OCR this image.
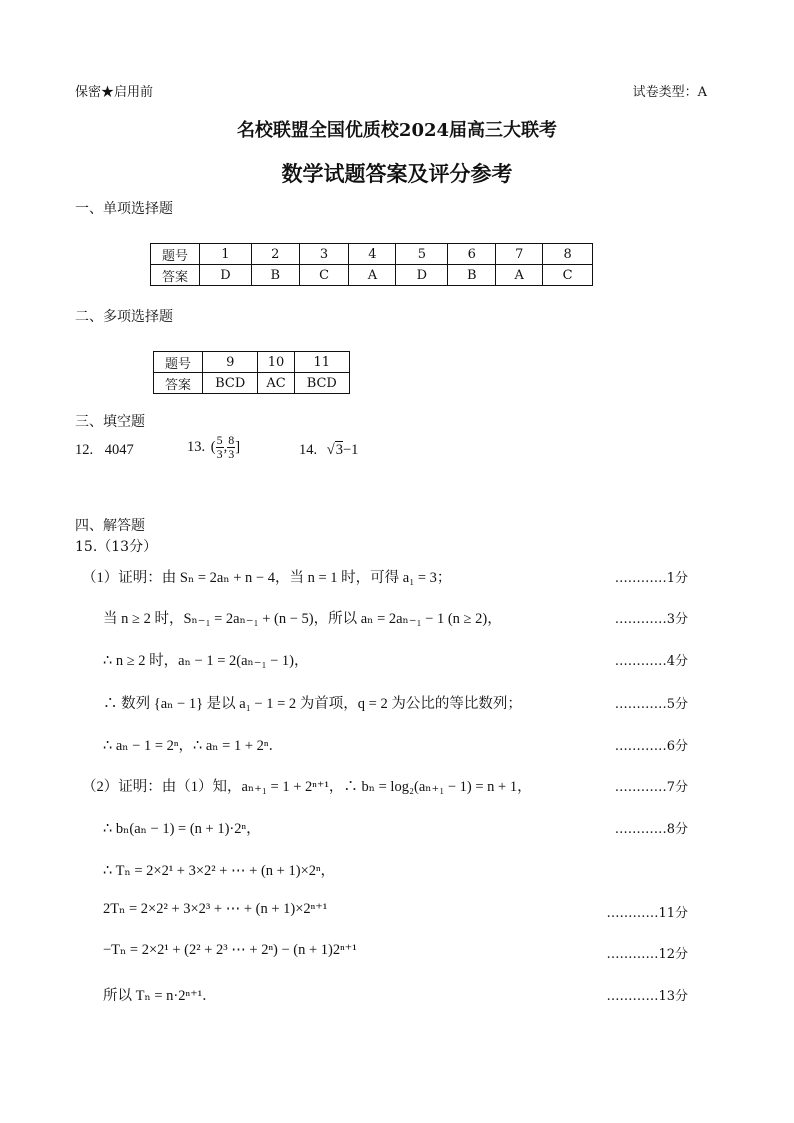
保密★启用前	试卷类型：A
名校联盟全国优质校2024届高三大联考
数学试题答案及评分参考
一、单项选择题
题号	1	2	3	4	5	6	7	8
答案	D	B	C	A	D	B	A	C
二、多项选择题
题号	9	10	11
答案	BCD	AC	BCD
三、填空题
12. 4047	13. ( $\frac{5}{3}$ , $\frac{8}{3}$ ]	14. √3−1
四、解答题
15.（13分）
（1）证明：由 Sₙ = 2aₙ + n − 4，当 n = 1 时，可得 a₁ = 3；	…………1分
当 n ≥ 2 时，Sₙ₋₁ = 2aₙ₋₁ + (n − 5)，所以 aₙ = 2aₙ₋₁ − 1 (n ≥ 2)，	…………3分
∴ n ≥ 2 时，aₙ − 1 = 2(aₙ₋₁ − 1)，	…………4分
∴ 数列 {aₙ − 1} 是以 a₁ − 1 = 2 为首项，q = 2 为公比的等比数列；	…………5分
∴ aₙ − 1 = 2ⁿ，∴ aₙ = 1 + 2ⁿ．	…………6分
（2）证明：由（1）知，aₙ₊₁ = 1 + 2ⁿ⁺¹，∴ bₙ = log₂(aₙ₊₁ − 1) = n + 1，	…………7分
∴ bₙ(aₙ − 1) = (n + 1)·2ⁿ，	…………8分
∴ Tₙ = 2×2¹ + 3×2² + ⋯ + (n + 1)×2ⁿ，
2Tₙ = 2×2² + 3×2³ + ⋯ + (n + 1)×2ⁿ⁺¹	…………11分
−Tₙ = 2×2¹ + (2² + 2³ ⋯ + 2ⁿ) − (n + 1)2ⁿ⁺¹	…………12分
所以 Tₙ = n·2ⁿ⁺¹．	…………13分
